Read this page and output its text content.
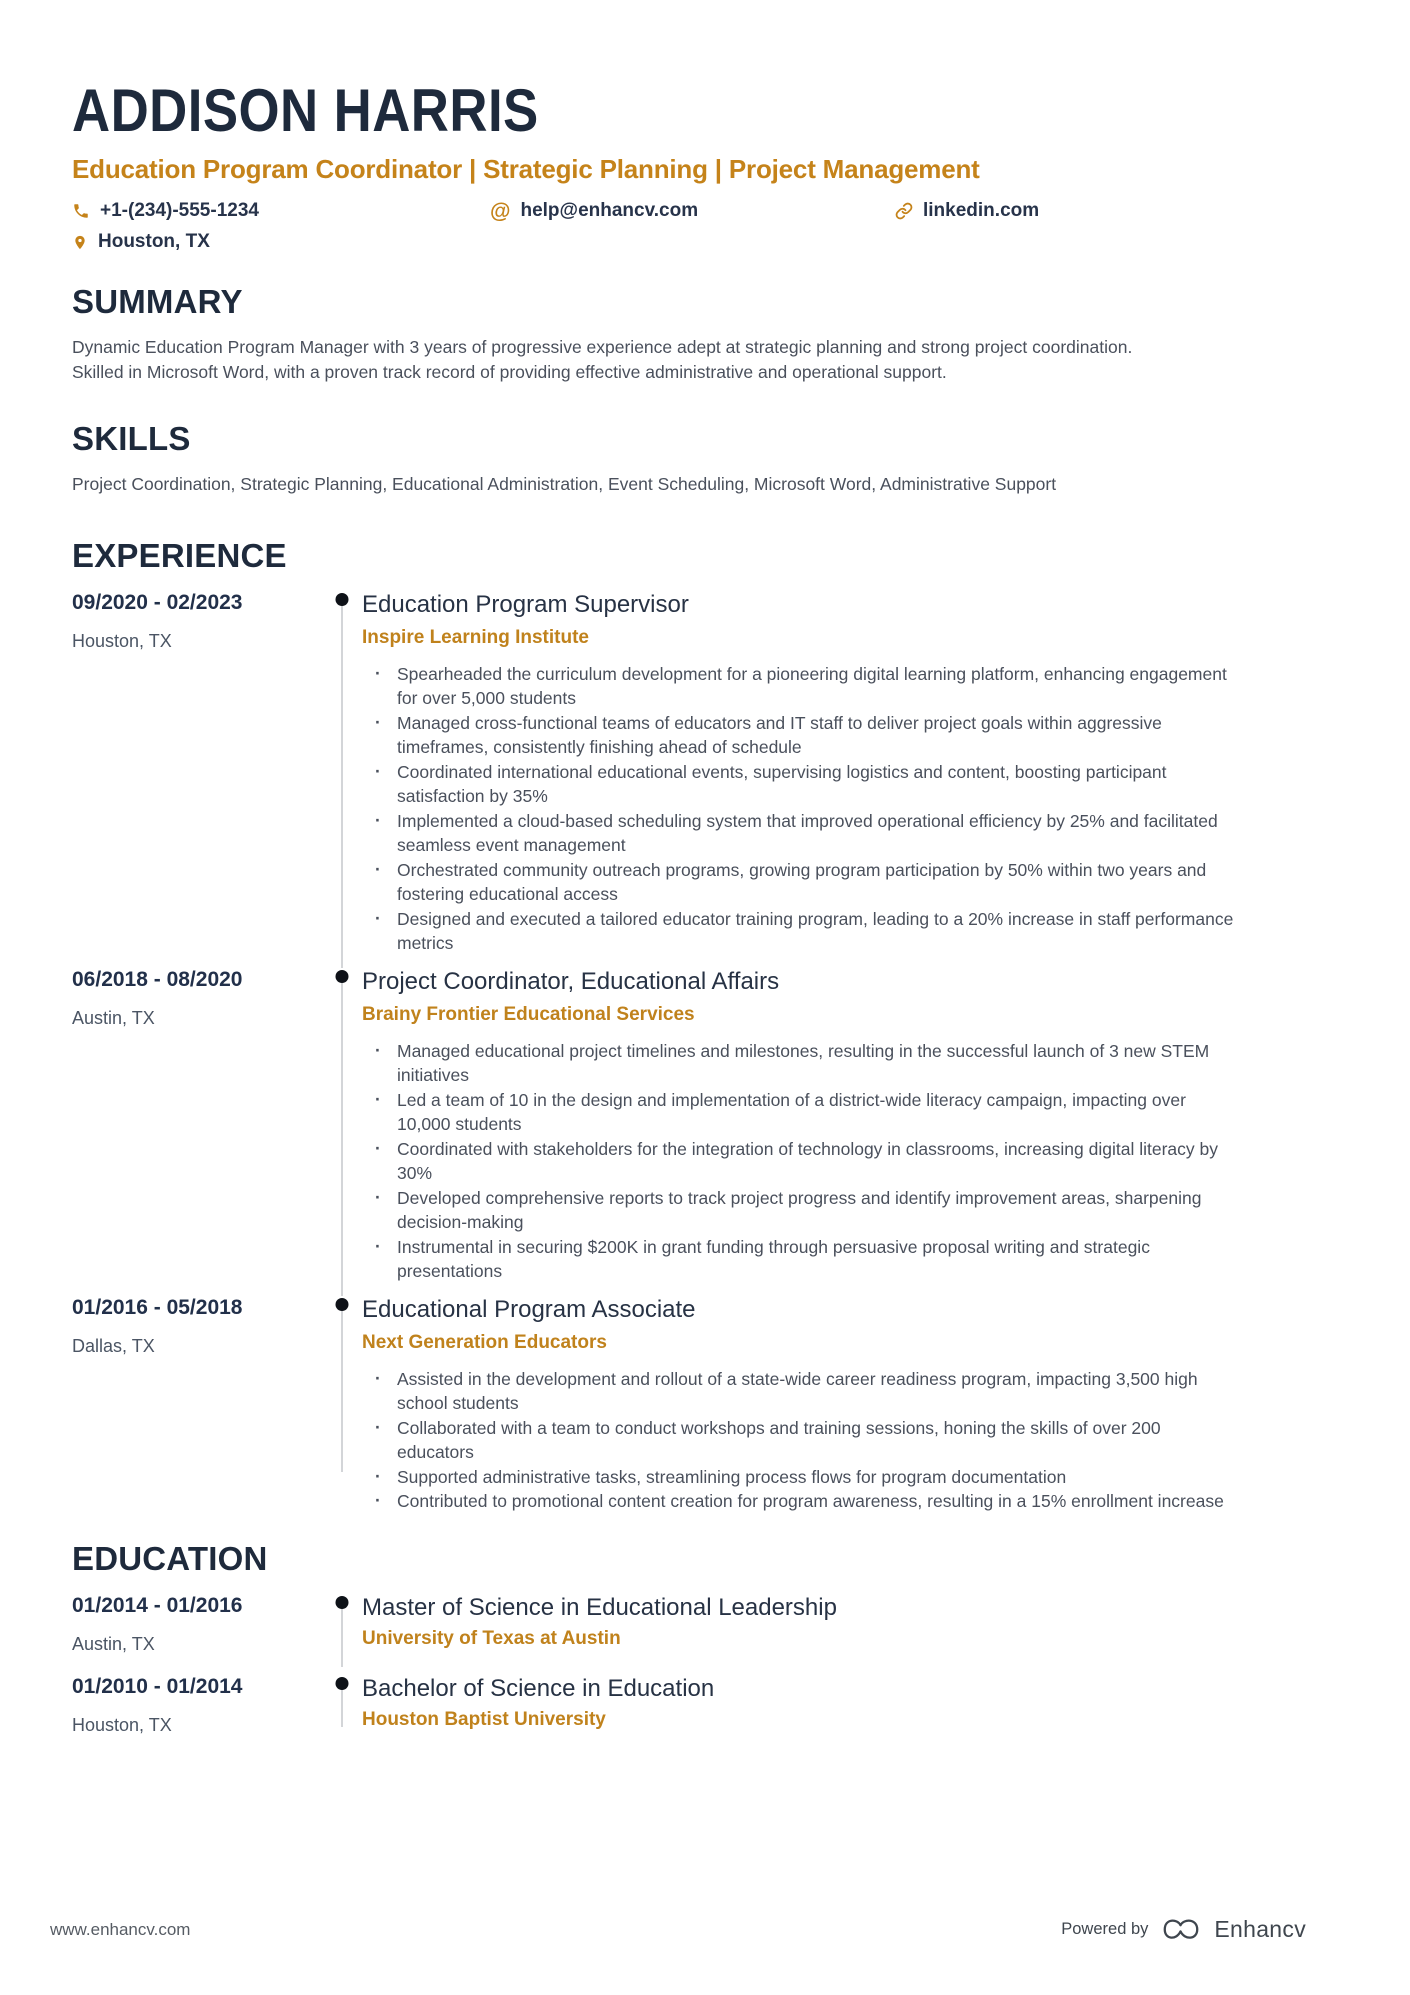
ADDISON HARRIS
Education Program Coordinator | Strategic Planning | Project Management
+1-(234)-555-1234	@ help@enhancv.com	linkedin.com
Houston, TX
SUMMARY
Dynamic Education Program Manager with 3 years of progressive experience adept at strategic planning and strong project coordination. Skilled in Microsoft Word, with a proven track record of providing effective administrative and operational support.
SKILLS
Project Coordination, Strategic Planning, Educational Administration, Event Scheduling, Microsoft Word, Administrative Support
EXPERIENCE
09/2020 - 02/2023
Houston, TX
Education Program Supervisor
Inspire Learning Institute
· Spearheaded the curriculum development for a pioneering digital learning platform, enhancing engagement for over 5,000 students
· Managed cross-functional teams of educators and IT staff to deliver project goals within aggressive timeframes, consistently finishing ahead of schedule
· Coordinated international educational events, supervising logistics and content, boosting participant satisfaction by 35%
· Implemented a cloud-based scheduling system that improved operational efficiency by 25% and facilitated seamless event management
· Orchestrated community outreach programs, growing program participation by 50% within two years and fostering educational access
· Designed and executed a tailored educator training program, leading to a 20% increase in staff performance metrics
06/2018 - 08/2020
Austin, TX
Project Coordinator, Educational Affairs
Brainy Frontier Educational Services
· Managed educational project timelines and milestones, resulting in the successful launch of 3 new STEM initiatives
· Led a team of 10 in the design and implementation of a district-wide literacy campaign, impacting over 10,000 students
· Coordinated with stakeholders for the integration of technology in classrooms, increasing digital literacy by 30%
· Developed comprehensive reports to track project progress and identify improvement areas, sharpening decision-making
· Instrumental in securing $200K in grant funding through persuasive proposal writing and strategic presentations
01/2016 - 05/2018
Dallas, TX
Educational Program Associate
Next Generation Educators
· Assisted in the development and rollout of a state-wide career readiness program, impacting 3,500 high school students
· Collaborated with a team to conduct workshops and training sessions, honing the skills of over 200 educators
· Supported administrative tasks, streamlining process flows for program documentation
· Contributed to promotional content creation for program awareness, resulting in a 15% enrollment increase
EDUCATION
01/2014 - 01/2016
Austin, TX
Master of Science in Educational Leadership
University of Texas at Austin
01/2010 - 01/2014
Houston, TX
Bachelor of Science in Education
Houston Baptist University
www.enhancv.com	Powered by	Enhancv
